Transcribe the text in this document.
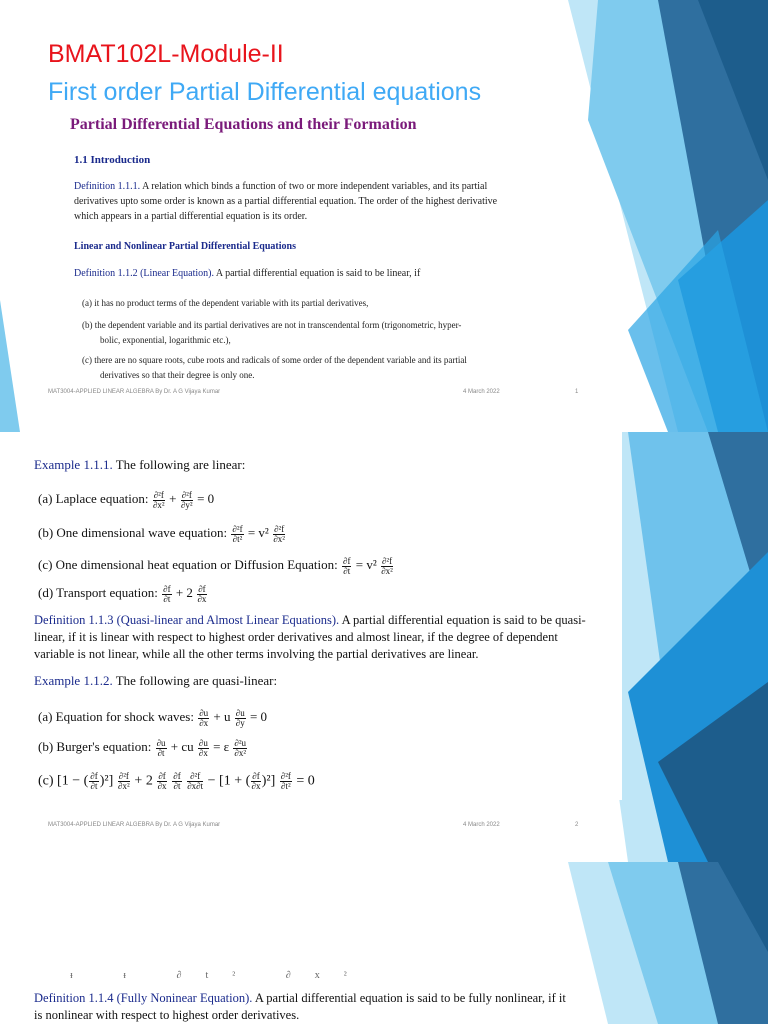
BMAT102L-Module-II
First order Partial Differential equations
Partial Differential Equations and their Formation
1.1 Introduction
Definition 1.1.1. A relation which binds a function of two or more independent variables, and its partial
derivatives upto some order is known as a partial differential equation. The order of the highest derivative
which appears in a partial differential equation is its order.
Linear and Nonlinear Partial Differential Equations
Definition 1.1.2 (Linear Equation). A partial differential equation is said to be linear, if
(a) it has no product terms of the dependent variable with its partial derivatives,
(b) the dependent variable and its partial derivatives are not in transcendental form (trigonometric, hyper-
bolic, exponential, logarithmic etc.),
(c) there are no square roots, cube roots and radicals of some order of the dependent variable and its partial
derivatives so that their degree is only one.
MAT3004-APPLIED LINEAR ALGEBRA By Dr. A G Vijaya Kumar	4 March 2022	1
Example 1.1.1. The following are linear:
(a) Laplace equation: $\frac{\text{∂²f}}{\text{∂x²}} + \frac{\text{∂²f}}{\text{∂y²}} = 0$
(b) One dimensional wave equation: $\frac{\text{∂²f}}{\text{∂t²}} = v^2 \frac{\text{∂²f}}{\text{∂x²}}$
(c) One dimensional heat equation or Diffusion Equation: $\frac{\partial f}{\partial t} = v^2 \frac{\text{∂²f}}{\text{∂x²}}$
(d) Transport equation: $\frac{\partial f}{\partial t} + 2 \frac{\partial f}{\partial x}$
Definition 1.1.3 (Quasi-linear and Almost Linear Equations). A partial differential equation is said to be quasi-
linear, if it is linear with respect to highest order derivatives and almost linear, if the degree of dependent
variable is not linear, while all the other terms involving the partial derivatives are linear.
Example 1.1.2. The following are quasi-linear:
(a) Equation for shock waves: $\frac{\partial u}{\partial x} + u \frac{\partial u}{\partial y} = 0$
(b) Burger's equation: $\frac{\partial u}{\partial t}$ + cu $\frac{\partial u}{\partial x} = \varepsilon \frac{\text{∂²u}}{\text{∂x²}}$
(c) [1 − ( $\frac{\partial f}{\partial t} )^2] \frac{\text{∂²f}}{\text{∂x²}} + 2 \frac{\partial f}{\partial x}$
$\frac{\partial f}{\partial t}$
$\frac{\text{∂²f}}{\partial x\partial t} - [1$ + ( $\frac{\partial f}{\partial x} )^2] \frac{\text{∂²f}}{\text{∂t²}} = 0$
MAT3004-APPLIED LINEAR ALGEBRA By Dr. A G Vijaya Kumar	4 March 2022	2
ᵻ ᵻ ∂t² ∂x²
Definition 1.1.4 (Fully Noninear Equation). A partial differential equation is said to be fully nonlinear, if it
is nonlinear with respect to highest order derivatives.
